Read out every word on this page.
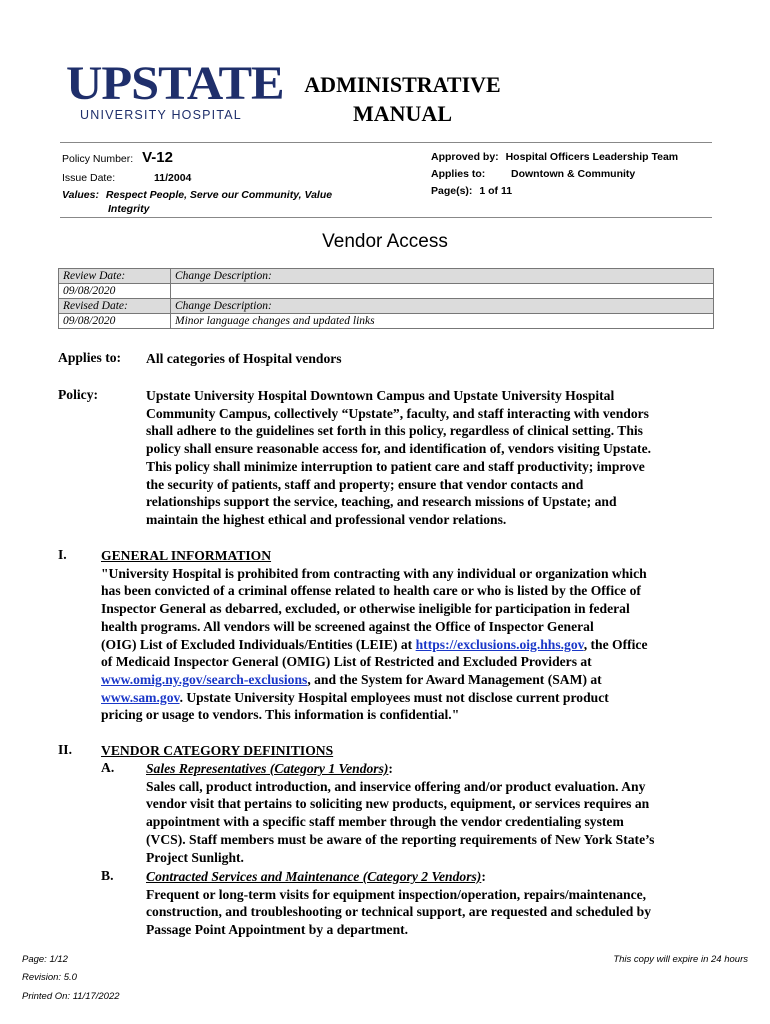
UPSTATE
UNIVERSITY HOSPITAL
ADMINISTRATIVE
MANUAL
Policy Number: V-12
Issue Date:	11/2004
Values: Respect People, Serve our Community, Value
Integrity
Approved by: Hospital Officers Leadership Team
Applies to: Downtown & Community
Page(s): 1 of 11
Vendor Access
Review Date:	Change Description:
09/08/2020	
Revised Date:	Change Description:
09/08/2020	Minor language changes and updated links
Applies to: All categories of Hospital vendors
Policy:	Upstate University Hospital Downtown Campus and Upstate University Hospital
Community Campus, collectively “Upstate”, faculty, and staff interacting with vendors
shall adhere to the guidelines set forth in this policy, regardless of clinical setting. This
policy shall ensure reasonable access for, and identification of, vendors visiting Upstate.
This policy shall minimize interruption to patient care and staff productivity; improve
the security of patients, staff and property; ensure that vendor contacts and
relationships support the service, teaching, and research missions of Upstate; and
maintain the highest ethical and professional vendor relations.
I.	GENERAL INFORMATION
"University Hospital is prohibited from contracting with any individual or organization which
has been convicted of a criminal offense related to health care or who is listed by the Office of
Inspector General as debarred, excluded, or otherwise ineligible for participation in federal
health programs. All vendors will be screened against the Office of Inspector General
(OIG) List of Excluded Individuals/Entities (LEIE) at https://exclusions.oig.hhs.gov, the Office
of Medicaid Inspector General (OMIG) List of Restricted and Excluded Providers at
www.omig.ny.gov/search-exclusions, and the System for Award Management (SAM) at
www.sam.gov. Upstate University Hospital employees must not disclose current product
pricing or usage to vendors. This information is confidential."
II. VENDOR CATEGORY DEFINITIONS
A. Sales Representatives (Category 1 Vendors):
Sales call, product introduction, and inservice offering and/or product evaluation. Any
vendor visit that pertains to soliciting new products, equipment, or services requires an
appointment with a specific staff member through the vendor credentialing system
(VCS). Staff members must be aware of the reporting requirements of New York State’s
Project Sunlight.
B. Contracted Services and Maintenance (Category 2 Vendors):
Frequent or long-term visits for equipment inspection/operation, repairs/maintenance,
construction, and troubleshooting or technical support, are requested and scheduled by
Passage Point Appointment by a department.
Page: 1/12
Revision: 5.0
Printed On: 11/17/2022
This copy will expire in 24 hours
